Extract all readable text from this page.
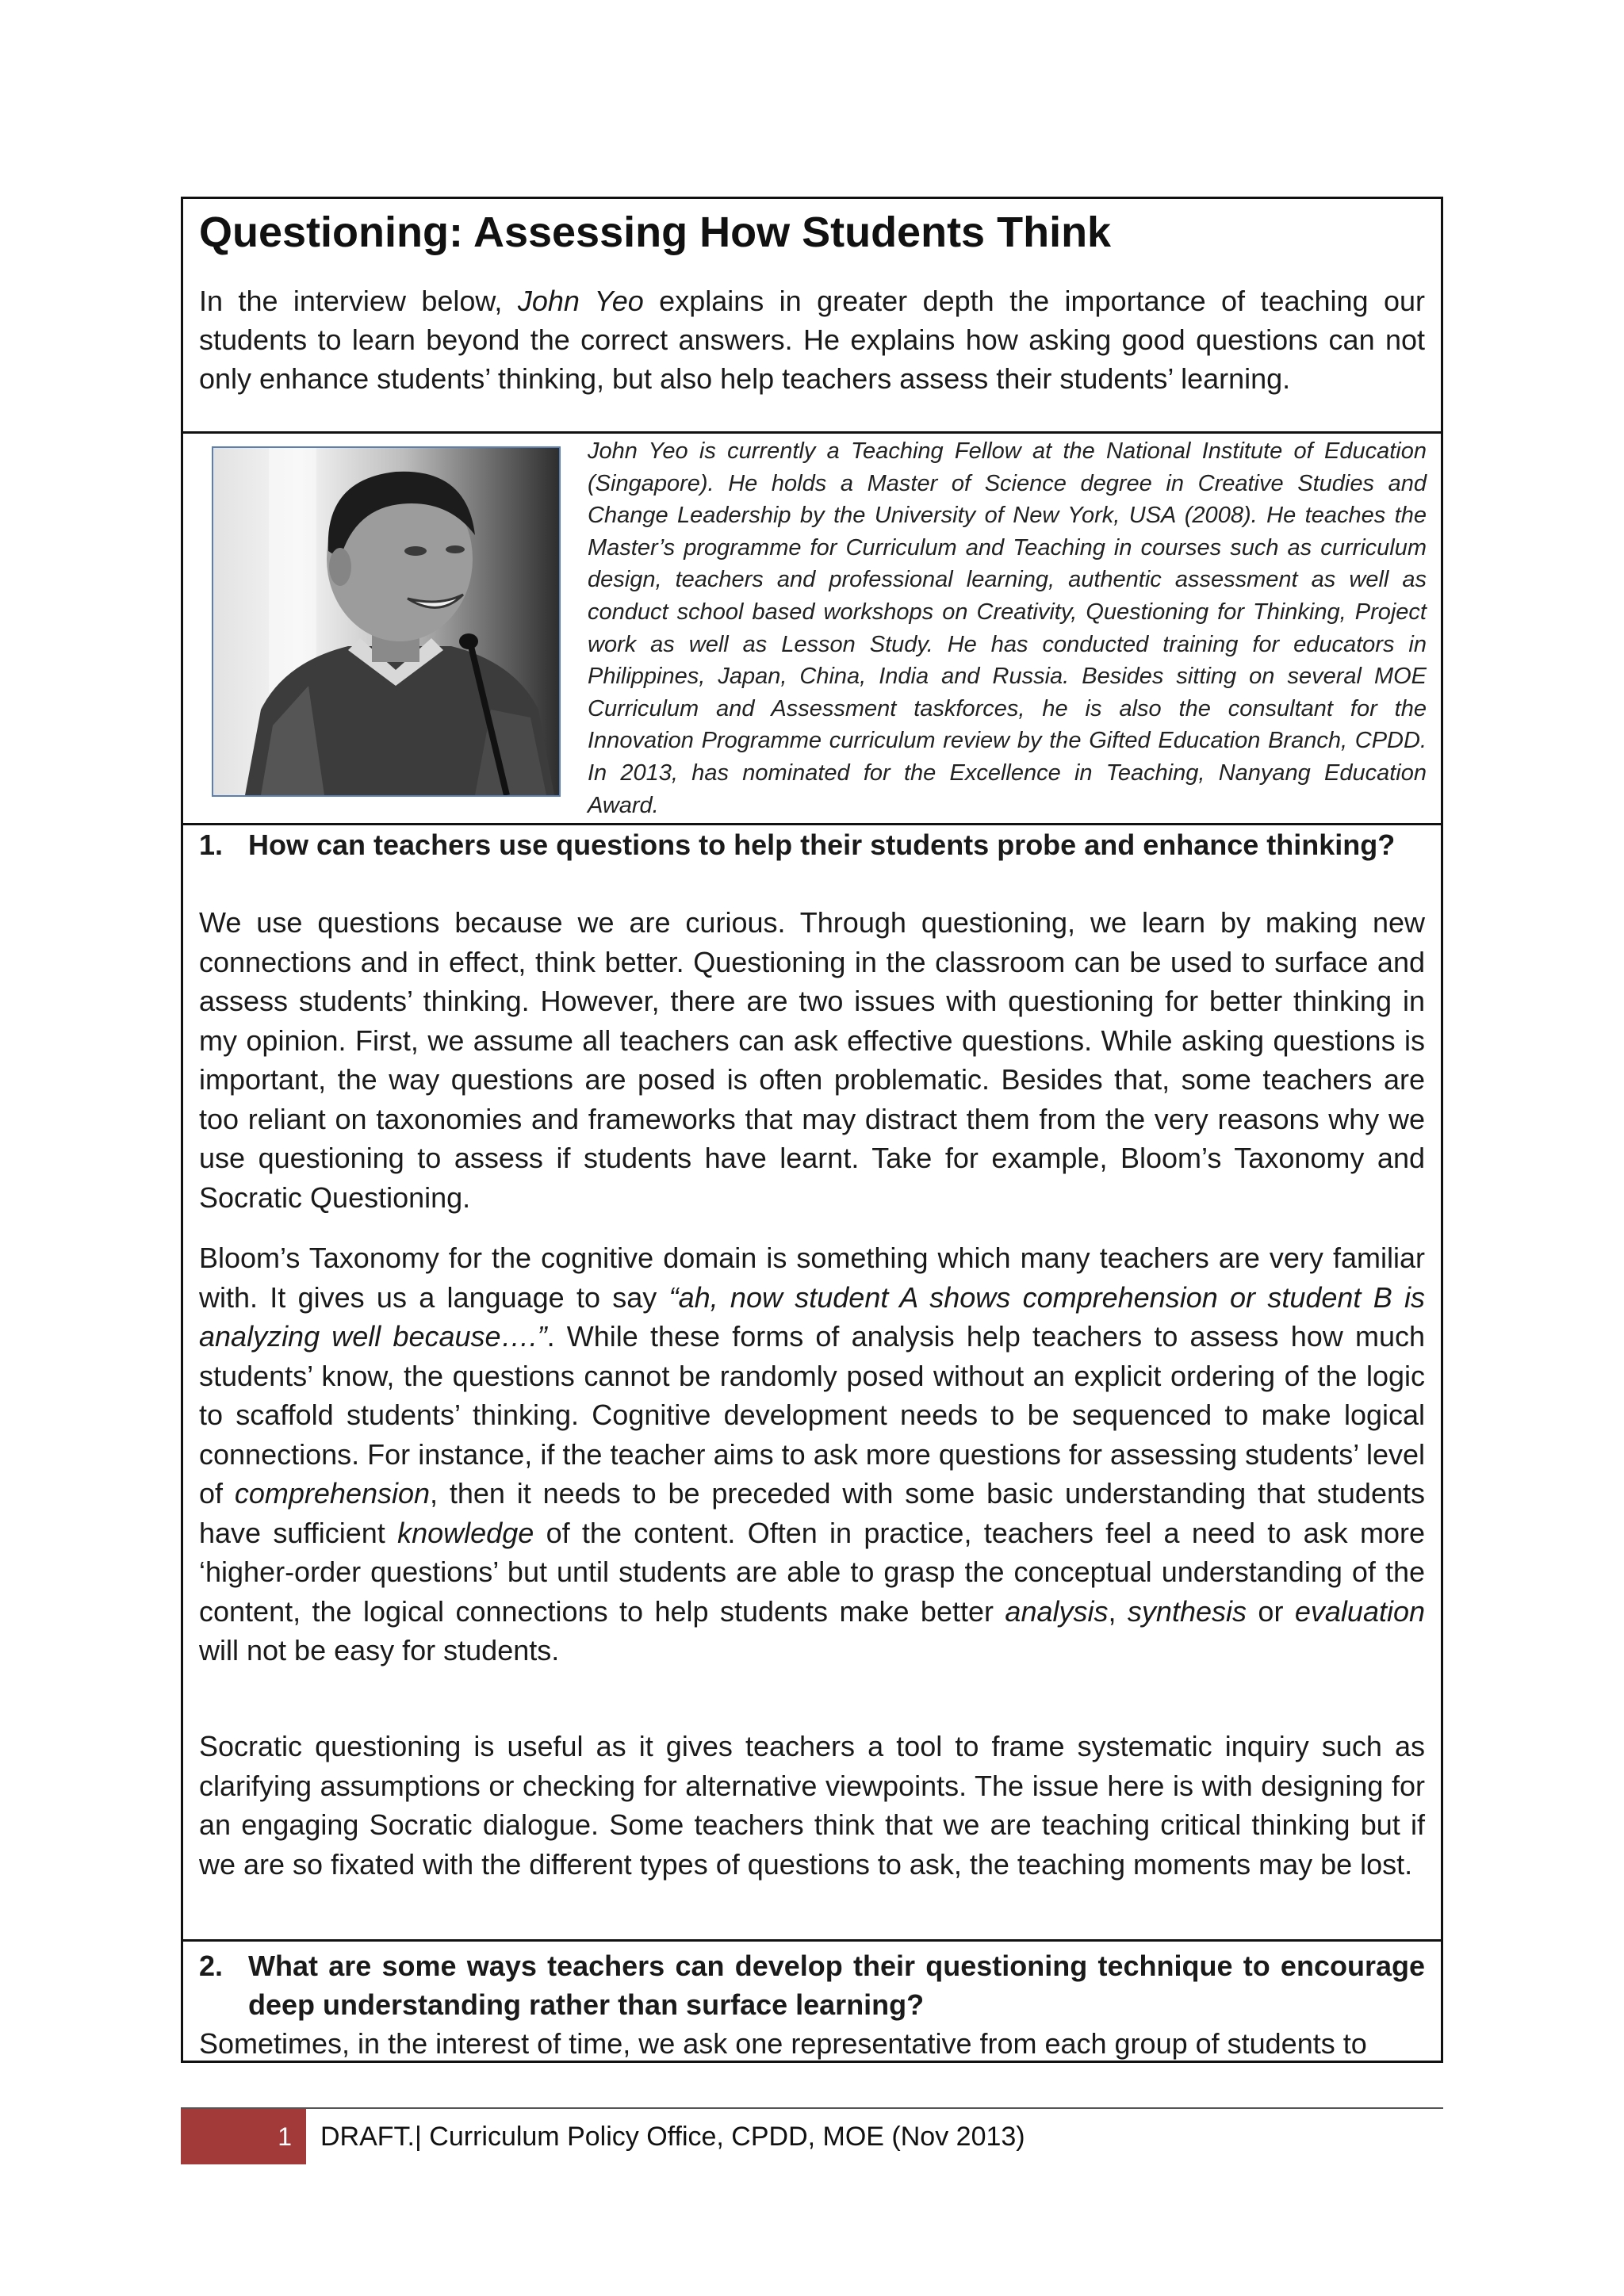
Questioning: Assessing How Students Think

In the interview below, John Yeo explains in greater depth the importance of teaching our students to learn beyond the correct answers. He explains how asking good questions can not only enhance students’ thinking, but also help teachers assess their students’ learning.

John Yeo is currently a Teaching Fellow at the National Institute of Education (Singapore). He holds a Master of Science degree in Creative Studies and Change Leadership by the University of New York, USA (2008). He teaches the Master’s programme for Curriculum and Teaching in courses such as curriculum design, teachers and professional learning, authentic assessment as well as conduct school based workshops on Creativity, Questioning for Thinking, Project work as well as Lesson Study. He has conducted training for educators in Philippines, Japan, China, India and Russia. Besides sitting on several MOE Curriculum and Assessment taskforces, he is also the consultant for the Innovation Programme curriculum review by the Gifted Education Branch, CPDD. In 2013, has nominated for the Excellence in Teaching, Nanyang Education Award.

1. How can teachers use questions to help their students probe and enhance thinking?

We use questions because we are curious. Through questioning, we learn by making new connections and in effect, think better. Questioning in the classroom can be used to surface and assess students’ thinking. However, there are two issues with questioning for better thinking in my opinion. First, we assume all teachers can ask effective questions. While asking questions is important, the way questions are posed is often problematic. Besides that, some teachers are too reliant on taxonomies and frameworks that may distract them from the very reasons why we use questioning to assess if students have learnt. Take for example, Bloom’s Taxonomy and Socratic Questioning.

Bloom’s Taxonomy for the cognitive domain is something which many teachers are very familiar with. It gives us a language to say “ah, now student A shows comprehension or student B is analyzing well because….”. While these forms of analysis help teachers to assess how much students’ know, the questions cannot be randomly posed without an explicit ordering of the logic to scaffold students’ thinking. Cognitive development needs to be sequenced to make logical connections. For instance, if the teacher aims to ask more questions for assessing students’ level of comprehension, then it needs to be preceded with some basic understanding that students have sufficient knowledge of the content. Often in practice, teachers feel a need to ask more ‘higher-order questions’ but until students are able to grasp the conceptual understanding of the content, the logical connections to help students make better analysis, synthesis or evaluation will not be easy for students.

Socratic questioning is useful as it gives teachers a tool to frame systematic inquiry such as clarifying assumptions or checking for alternative viewpoints. The issue here is with designing for an engaging Socratic dialogue. Some teachers think that we are teaching critical thinking but if we are so fixated with the different types of questions to ask, the teaching moments may be lost.

2. What are some ways teachers can develop their questioning technique to encourage deep understanding rather than surface learning?

Sometimes, in the interest of time, we ask one representative from each group of students to

1	DRAFT.| Curriculum Policy Office, CPDD, MOE (Nov 2013)
